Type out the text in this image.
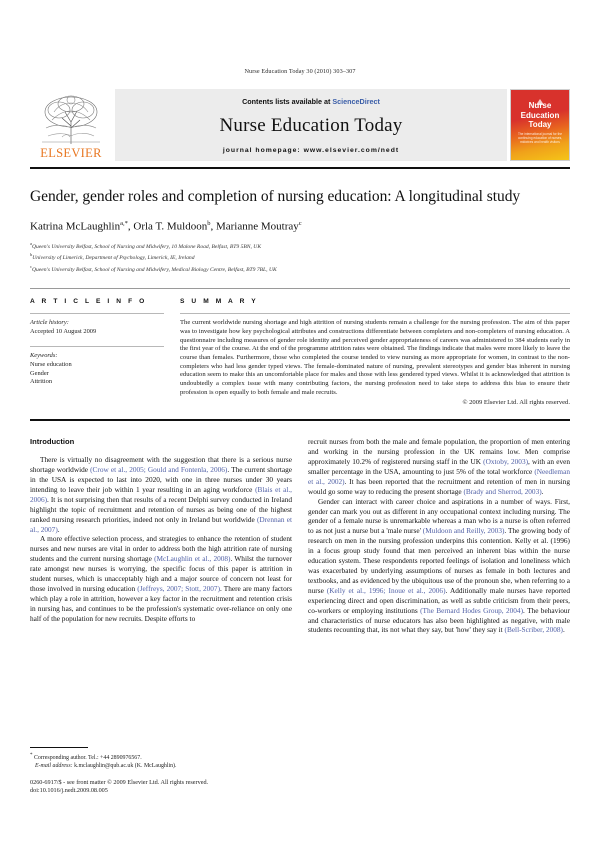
Nurse Education Today 30 (2010) 303–307
ELSEVIER
Contents lists available at ScienceDirect
Nurse Education Today
journal homepage: www.elsevier.com/nedt
Nurse
Education
Today
The international journal for the continuing education of nurses, midwives and health visitors
Gender, gender roles and completion of nursing education: A longitudinal study
Katrina McLaughlin$^{a,*}$, Orla T. Muldoon$^b$, Marianne Moutray$^c$
$^a$Queen's University Belfast, School of Nursing and Midwifery, 10 Malone Road, Belfast, BT9 5BN, UK
$^b$University of Limerick, Department of Psychology, Limerick, IE, Ireland
$^c$Queen's University Belfast, School of Nursing and Midwifery, Medical Biology Centre, Belfast, BT9 7BL, UK
A R T I C L E I N F O
Article history:
Accepted 10 August 2009
Keywords:
Nurse education
Gender
Attrition
S U M M A R Y
The current worldwide nursing shortage and high attrition of nursing students remain a challenge for the nursing profession. The aim of this paper was to investigate how key psychological attributes and constructions differentiate between completers and non-completers of nursing education. A questionnaire including measures of gender role identity and perceived gender appropriateness of careers was administered to 384 students early in the first year of the course. At the end of the programme attrition rates were obtained. The findings indicate that males were more likely to leave the course than females. Furthermore, those who completed the course tended to view nursing as more appropriate for women, in contrast to the non-completers who had less gender typed views. The female-dominated nature of nursing, prevalent stereotypes and gender bias inherent in nursing education seem to make this an uncomfortable place for males and those with less gendered typed views. Whilst it is acknowledged that attrition is undoubtedly a complex issue with many contributing factors, the nursing profession need to take steps to address this bias to ensure their profession is open equally to both female and male recruits.
© 2009 Elsevier Ltd. All rights reserved.
Introduction

There is virtually no disagreement with the suggestion that there is a serious nurse shortage worldwide (Crow et al., 2005; Gould and Fontenla, 2006). The current shortage in the USA is expected to last into 2020, with one in three nurses under 30 years intending to leave their job within 1 year resulting in an aging workforce (Blais et al., 2006). It is not surprising then that results of a recent Delphi survey conducted in Ireland highlight the topic of recruitment and retention of nurses as being one of the highest ranked nursing research priorities, indeed not only in Ireland but worldwide (Drennan et al., 2007).

A more effective selection process, and strategies to enhance the retention of student nurses and new nurses are vital in order to address both the high attrition rate of nursing students and the current nursing shortage (McLaughlin et al., 2008). Whilst the turnover rate amongst new nurses is worrying, the specific focus of this paper is attrition in student nurses, which is unacceptably high and a major source of concern not least for those involved in nursing education (Jeffreys, 2007; Stott, 2007). There are many factors which play a role in attrition, however a key factor in the recruitment and retention crisis in nursing has, and continues to be the profession's systematic over-reliance on only one half of the population for new recruits. Despite efforts to

* Corresponding author. Tel.: +44 2890976567.
E-mail address: k.mclaughlin@qub.ac.uk (K. McLaughlin).
0260-6917/$ - see front matter © 2009 Elsevier Ltd. All rights reserved.
doi:10.1016/j.nedt.2009.08.005

recruit nurses from both the male and female population, the proportion of men entering and working in the nursing profession in the UK remains low. Men comprise approximately 10.2% of registered nursing staff in the UK (Oxtoby, 2003), with an even smaller percentage in the USA, amounting to just 5% of the total workforce (Needleman et al., 2002). It has been reported that the recruitment and retention of men in nursing would go some way to reducing the present shortage (Brady and Sherrod, 2003).

Gender can interact with career choice and aspirations in a number of ways. First, gender can mark you out as different in any occupational context including nursing. The gender of a female nurse is unremarkable whereas a man who is a nurse is often referred to as not just a nurse but a 'male nurse' (Muldoon and Reilly, 2003). The growing body of research on men in the nursing profession underpins this contention. Kelly et al. (1996) in a focus group study found that men perceived an inherent bias within the nurse education system. These respondents reported feelings of isolation and loneliness which was exacerbated by underlying assumptions of nurses as female in both lectures and textbooks, and as evidenced by the ubiquitous use of the pronoun she, when referring to a nurse (Kelly et al., 1996; Inoue et al., 2006). Additionally male nurses have reported experiencing direct and open discrimination, as well as subtle criticism from their peers, co-workers or employing institutions (The Bernard Hodes Group, 2004). The behaviour and characteristics of nurse educators has also been highlighted as negative, with male students recounting that, its not what they say, but 'how' they say it (Bell-Scriber, 2008).
